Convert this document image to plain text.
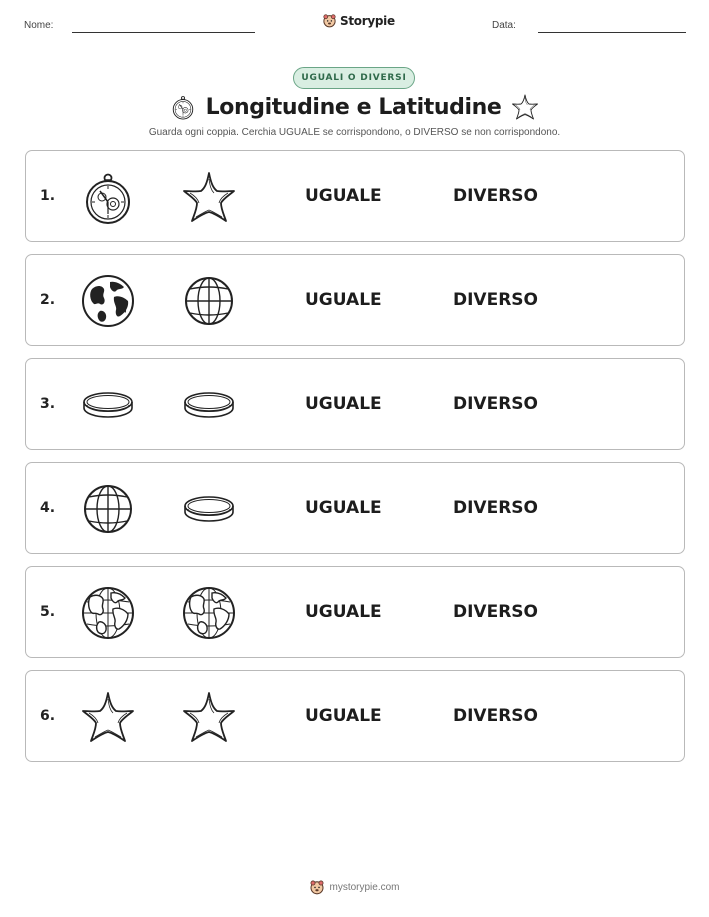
Nome:	Storypie	Data:
UGUALI O DIVERSI
Longitudine e Latitudine
Guarda ogni coppia. Cerchia UGUALE se corrispondono, o DIVERSO se non corrispondono.
1.	UGUALE	DIVERSO
2.	UGUALE	DIVERSO
3.	UGUALE	DIVERSO
4.	UGUALE	DIVERSO
5.	UGUALE	DIVERSO
6.	UGUALE	DIVERSO
mystorypie.com
